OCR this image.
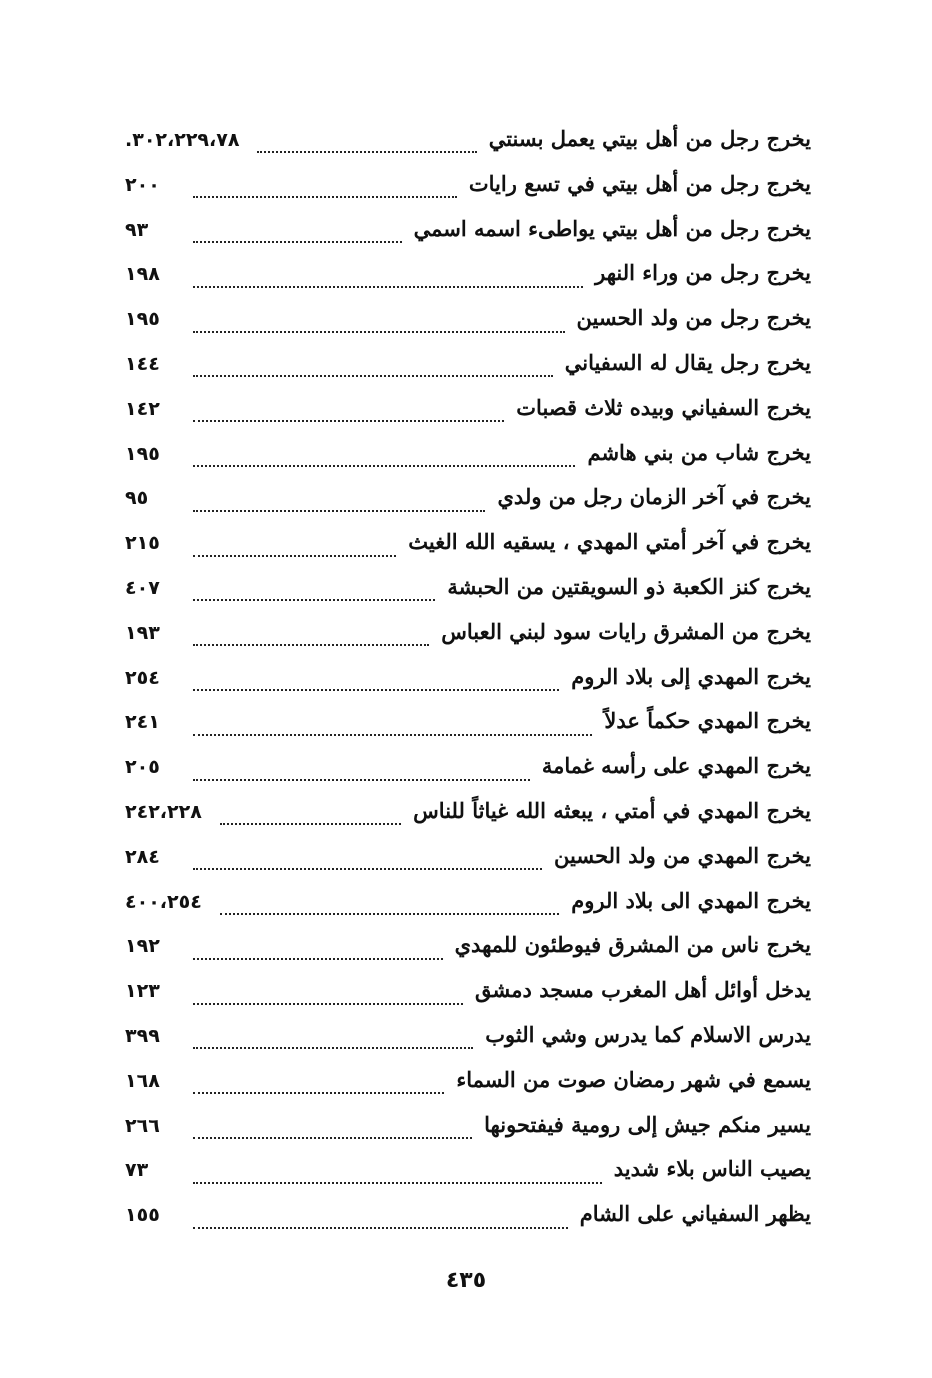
يخرج رجل من أهل بيتي يعمل بسنتي
٣٠٢،٢٢٩،٧٨.
يخرج رجل من أهل بيتي في تسع رايات
٢٠٠
يخرج رجل من أهل بيتي يواطىء اسمه اسمي
٩٣
يخرج رجل من وراء النهر
١٩٨
يخرج رجل من ولد الحسين
١٩٥
يخرج رجل يقال له السفياني
١٤٤
يخرج السفياني وبيده ثلاث قصبات
١٤٢
يخرج شاب من بني هاشم
١٩٥
يخرج في آخر الزمان رجل من ولدي
٩٥
يخرج في آخر أمتي المهدي ، يسقيه الله الغيث
٢١٥
يخرج كنز الكعبة ذو السويقتين من الحبشة
٤٠٧
يخرج من المشرق رايات سود لبني العباس
١٩٣
يخرج المهدي إلى بلاد الروم
٢٥٤
يخرج المهدي حكماً عدلاً
٢٤١
يخرج المهدي على رأسه غمامة
٢٠٥
يخرج المهدي في أمتي ، يبعثه الله غياثاً للناس
٢٤٢،٢٢٨
يخرج المهدي من ولد الحسين
٢٨٤
يخرج المهدي الى بلاد الروم
٤٠٠،٢٥٤
يخرج ناس من المشرق فيوطئون للمهدي
١٩٢
يدخل أوائل أهل المغرب مسجد دمشق
١٢٣
يدرس الاسلام كما يدرس وشي الثوب
٣٩٩
يسمع في شهر رمضان صوت من السماء
١٦٨
يسير منكم جيش إلى رومية فيفتحونها
٢٦٦
يصيب الناس بلاء شديد
٧٣
يظهر السفياني على الشام
١٥٥
٤٣٥
